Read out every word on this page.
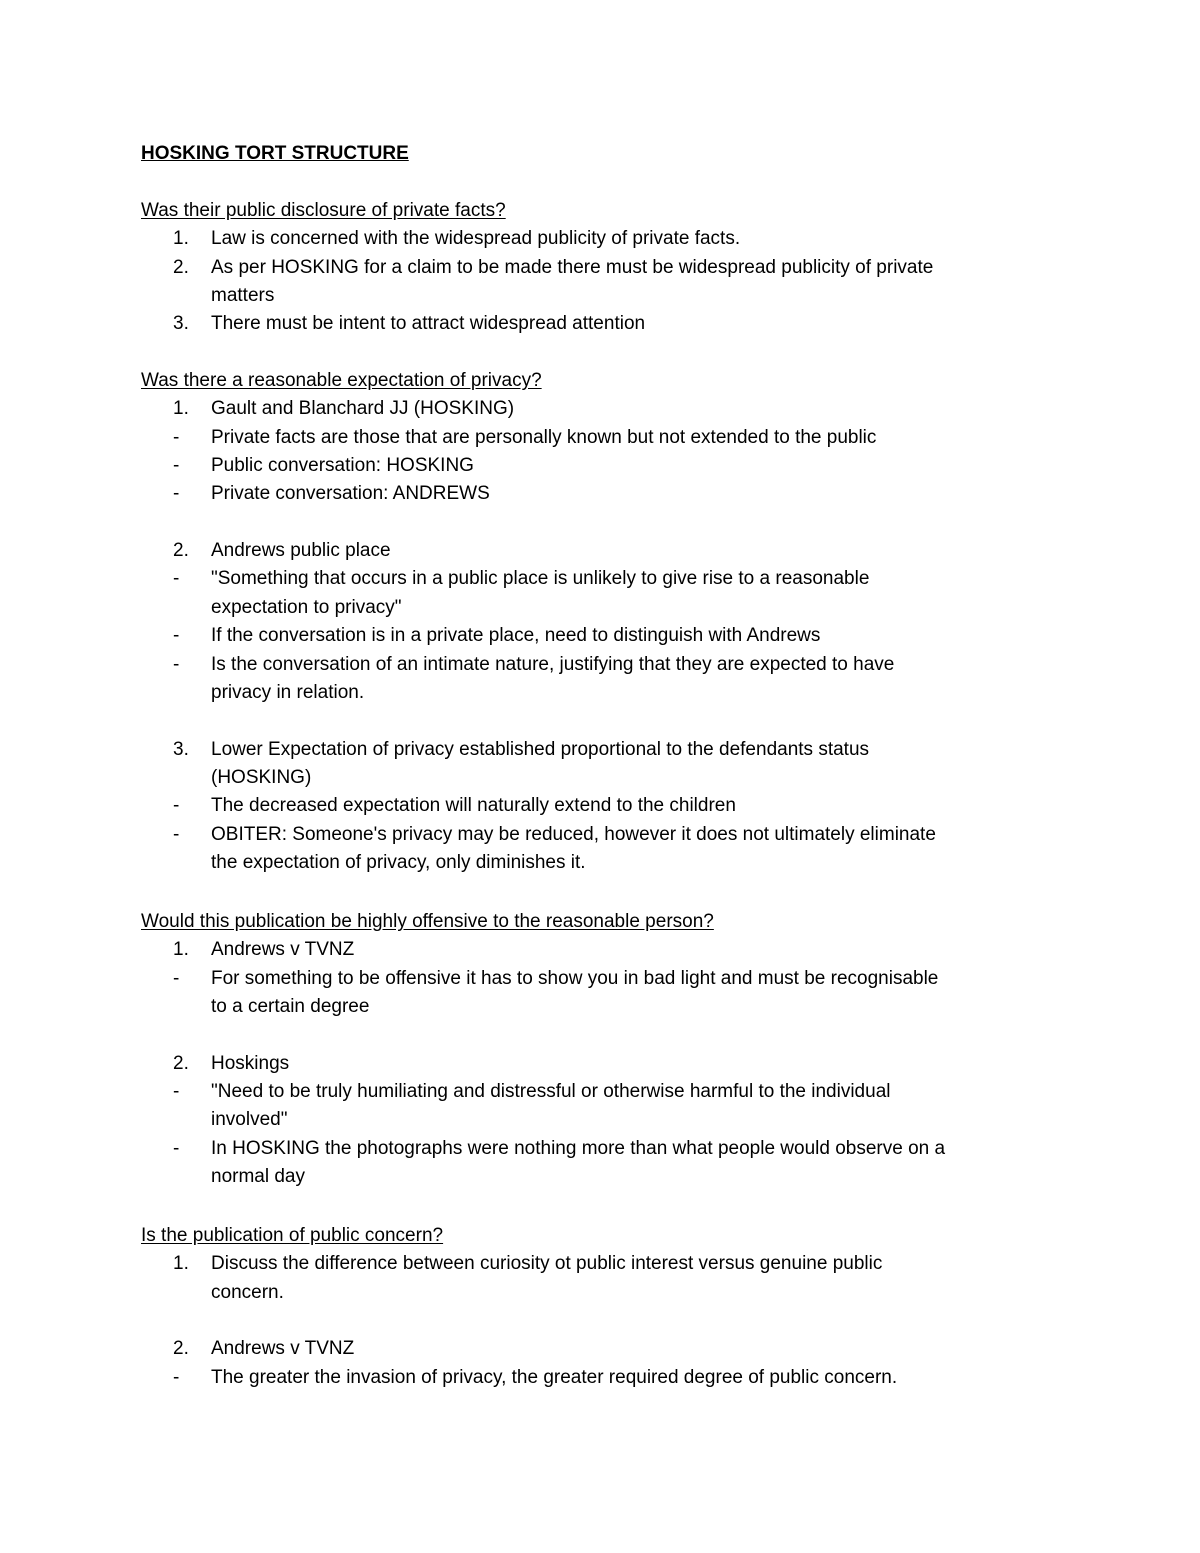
HOSKING TORT STRUCTURE
Was their public disclosure of private facts?
1. Law is concerned with the widespread publicity of private facts.
2. As per HOSKING for a claim to be made there must be widespread publicity of private
matters
3. There must be intent to attract widespread attention
Was there a reasonable expectation of privacy?
1. Gault and Blanchard JJ (HOSKING)
- Private facts are those that are personally known but not extended to the public
- Public conversation: HOSKING
- Private conversation: ANDREWS
2. Andrews public place
- "Something that occurs in a public place is unlikely to give rise to a reasonable
expectation to privacy"
- If the conversation is in a private place, need to distinguish with Andrews
- Is the conversation of an intimate nature, justifying that they are expected to have
privacy in relation.
3. Lower Expectation of privacy established proportional to the defendants status
(HOSKING)
- The decreased expectation will naturally extend to the children
- OBITER: Someone's privacy may be reduced, however it does not ultimately eliminate
the expectation of privacy, only diminishes it.
Would this publication be highly offensive to the reasonable person?
1. Andrews v TVNZ
- For something to be offensive it has to show you in bad light and must be recognisable
to a certain degree
2. Hoskings
- "Need to be truly humiliating and distressful or otherwise harmful to the individual
involved"
- In HOSKING the photographs were nothing more than what people would observe on a
normal day
Is the publication of public concern?
1. Discuss the difference between curiosity ot public interest versus genuine public
concern.
2. Andrews v TVNZ
- The greater the invasion of privacy, the greater required degree of public concern.
